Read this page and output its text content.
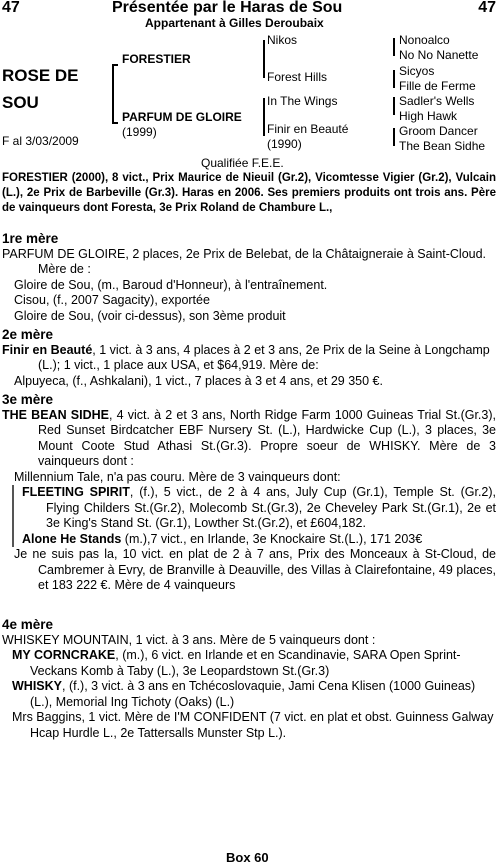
47	Présentée par le Haras de Sou	47
Appartenant à Gilles Deroubaix
ROSE DE
SOU
F al 3/03/2009
FORESTIER
PARFUM DE GLOIRE
(1999)
Nikos
Forest Hills
In The Wings
Finir en Beauté
(1990)
Nonoalco
No No Nanette
Sicyos
Fille de Ferme
Sadler's Wells
High Hawk
Groom Dancer
The Bean Sidhe
Qualifiée F.E.E.
FORESTIER (2000), 8 vict., Prix Maurice de Nieuil (Gr.2), Vicomtesse Vigier (Gr.2), Vulcain (L.), 2e Prix de Barbeville (Gr.3). Haras en 2006. Ses premiers produits ont trois ans. Père de vainqueurs dont Foresta, 3e Prix Roland de Chambure L.,
1re mère

PARFUM DE GLOIRE, 2 places, 2e Prix de Belebat, de la Châtaigneraie à Saint-Cloud. Mère de :

Gloire de Sou, (m., Baroud d'Honneur), à l'entraînement.

Cisou, (f., 2007 Sagacity), exportée

Gloire de Sou, (voir ci-dessus), son 3ème produit

2e mère

Finir en Beauté, 1 vict. à 3 ans, 4 places à 2 et 3 ans, 2e Prix de la Seine à Longchamp (L.); 1 vict., 1 place aux USA, et $64,919. Mère de:

Alpuyeca, (f., Ashkalani), 1 vict., 7 places à 3 et 4 ans, et 29 350 €.

3e mère

THE BEAN SIDHE, 4 vict. à 2 et 3 ans, North Ridge Farm 1000 Guineas Trial St.(Gr.3), Red Sunset Birdcatcher EBF Nursery St. (L.), Hardwicke Cup (L.), 3 places, 3e Mount Coote Stud Athasi St.(Gr.3). Propre soeur de WHISKY. Mère de 3 vainqueurs dont :

Millennium Tale, n'a pas couru. Mère de 3 vainqueurs dont:

FLEETING SPIRIT, (f.), 5 vict., de 2 à 4 ans, July Cup (Gr.1), Temple St. (Gr.2), Flying Childers St.(Gr.2), Molecomb St.(Gr.3), 2e Cheveley Park St.(Gr.1), 2e et 3e King's Stand St. (Gr.1), Lowther St.(Gr.2), et £604,182.

Alone He Stands (m.),7 vict., en Irlande, 3e Knockaire St.(L.), 171 203€

Je ne suis pas la, 10 vict. en plat de 2 à 7 ans, Prix des Monceaux à St-Cloud, de Cambremer à Evry, de Branville à Deauville, des Villas à Clairefontaine, 49 places, et 183 222 €. Mère de 4 vainqueurs

4e mère

WHISKEY MOUNTAIN, 1 vict. à 3 ans. Mère de 5 vainqueurs dont :

MY CORNCRAKE, (m.), 6 vict. en Irlande et en Scandinavie, SARA Open Sprint-Veckans Komb à Taby (L.), 3e Leopardstown St.(Gr.3)

WHISKY, (f.), 3 vict. à 3 ans en Tchécoslovaquie, Jami Cena Klisen (1000 Guineas) (L.), Memorial Ing Tichoty (Oaks) (L.)

Mrs Baggins, 1 vict. Mère de I'M CONFIDENT (7 vict. en plat et obst. Guinness Galway Hcap Hurdle L., 2e Tattersalls Munster Stp L.).

Box 60
